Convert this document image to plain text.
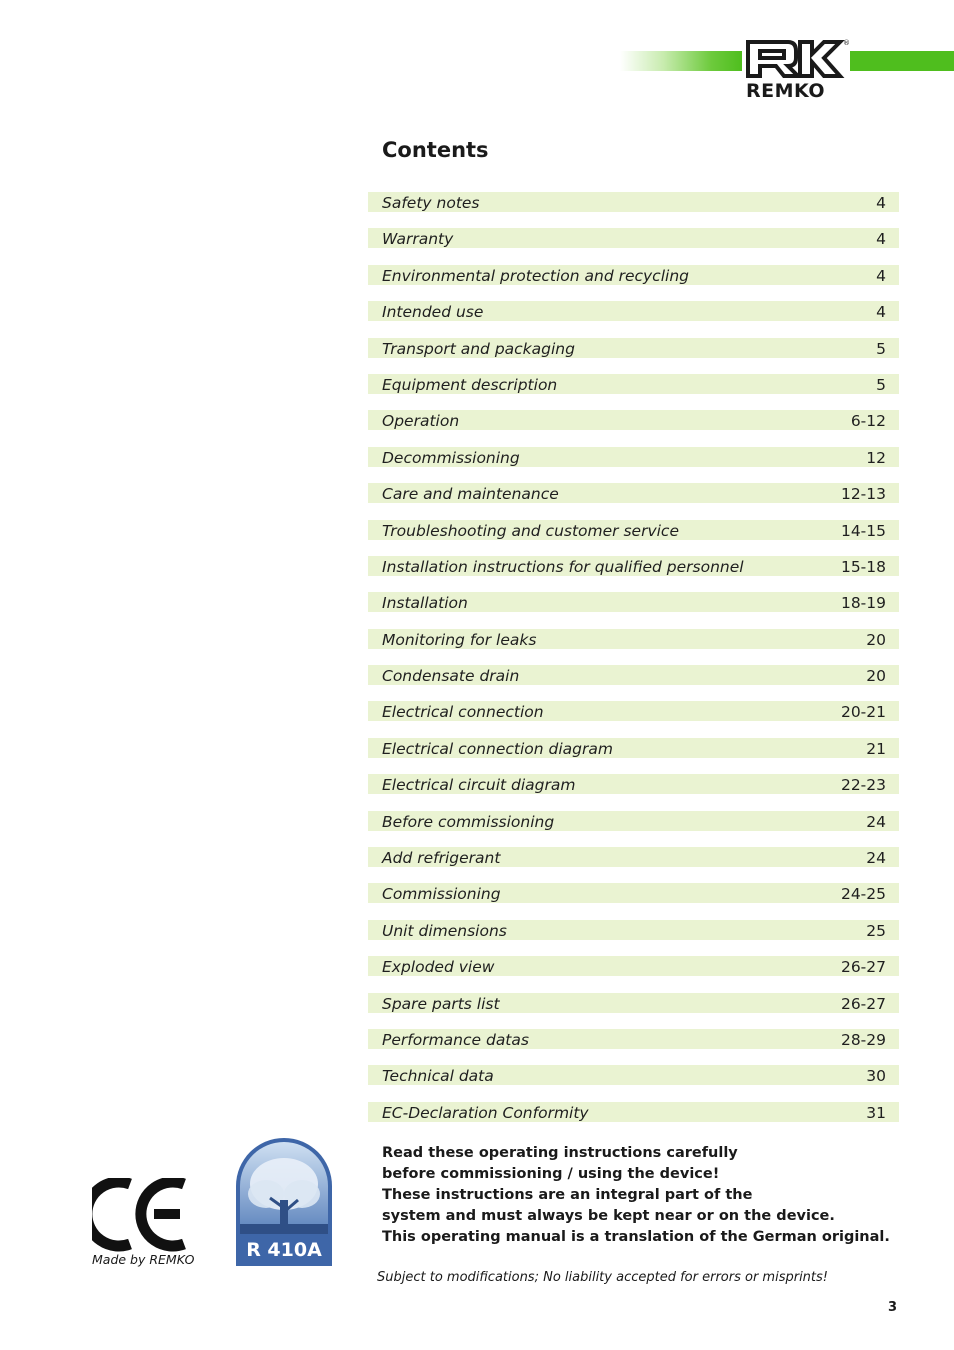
®
REMKO
Contents
Safety notes	4
Warranty	4
Environmental protection and recycling	4
Intended use	4
Transport and packaging	5
Equipment description	5
Operation	6-12
Decommissioning	12
Care and maintenance	12-13
Troubleshooting and customer service	14-15
Installation instructions for qualified personnel	15-18
Installation	18-19
Monitoring for leaks	20
Condensate drain	20
Electrical connection	20-21
Electrical connection diagram	21
Electrical circuit diagram	22-23
Before commissioning	24
Add refrigerant	24
Commissioning	24-25
Unit dimensions	25
Exploded view	26-27
Spare parts list	26-27
Performance datas	28-29
Technical data	30
EC-Declaration Conformity	31
Made by REMKO	R 410A
Read these operating instructions carefully
before commissioning / using the device!
These instructions are an integral part of the
system and must always be kept near or on the device.
This operating manual is a translation of the German original.
Subject to modifications; No liability accepted for errors or misprints!
3
